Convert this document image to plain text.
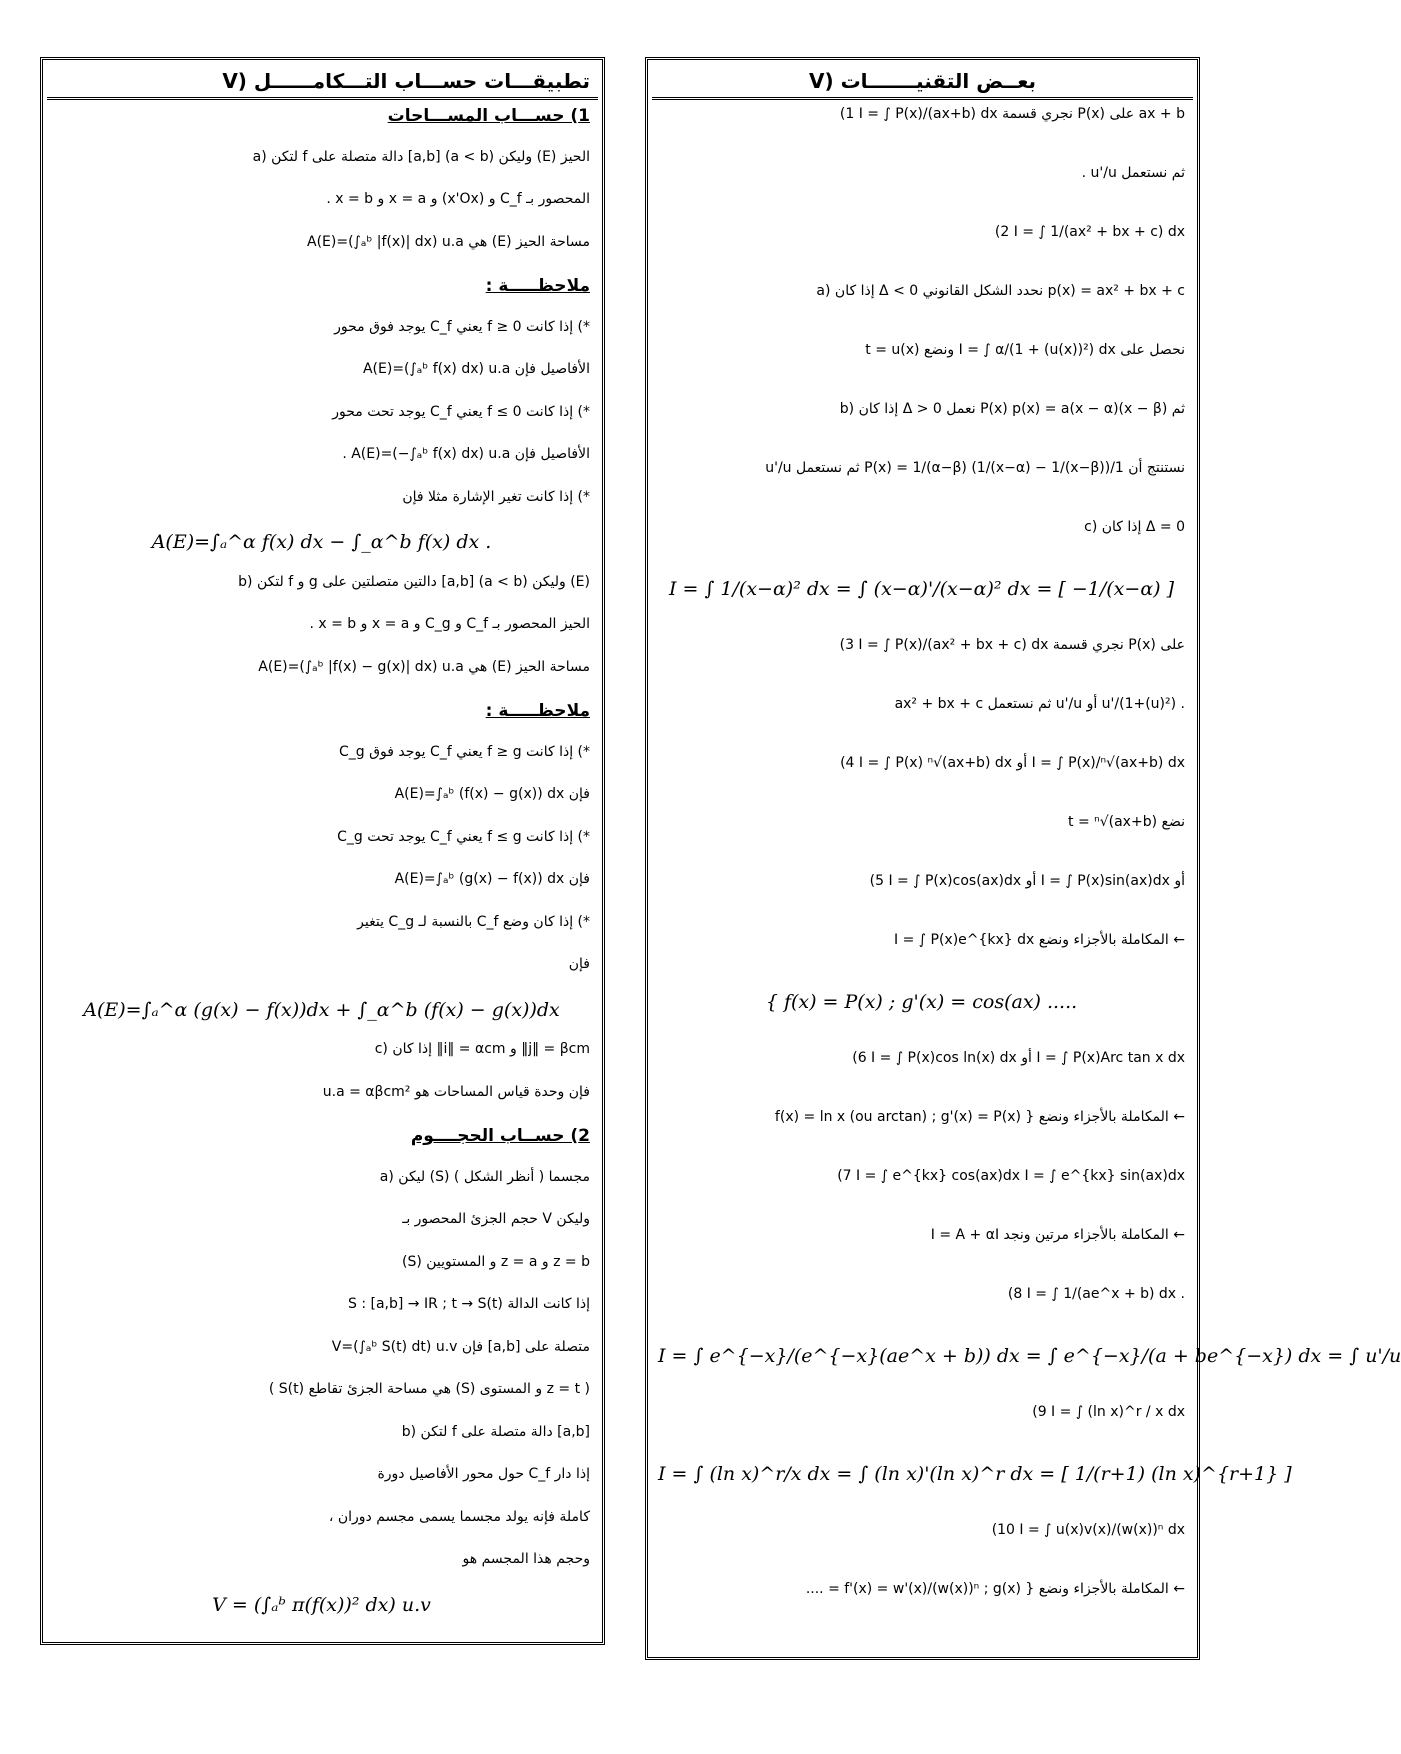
V) تطبيقـــات حســـاب التـــكامــــــل
1) حســـاب المســـاحات
a) لتكن f دالة متصلة على [a,b] (a < b) وليكن (E) الحيز
المحصور بـ C_f و (x'Ox) و x = a و x = b .
مساحة الحيز (E) هي A(E)=(∫ₐᵇ |f(x)| dx) u.a
ملاحظـــــة :
*) إذا كانت f ≥ 0 يعني C_f يوجد فوق محور
الأفاصيل فإن A(E)=(∫ₐᵇ f(x) dx) u.a
*) إذا كانت f ≤ 0 يعني C_f يوجد تحت محور
الأفاصيل فإن A(E)=(−∫ₐᵇ f(x) dx) u.a .
*) إذا كانت تغير الإشارة مثلا فإن
A(E)=∫ₐ^α f(x) dx − ∫_α^b f(x) dx .
b) لتكن f و g دالتين متصلتين على [a,b] (a < b) وليكن (E)
الحيز المحصور بـ C_f و C_g و x = a و x = b .
مساحة الحيز (E) هي A(E)=(∫ₐᵇ |f(x) − g(x)| dx) u.a
ملاحظـــــة :
*) إذا كانت f ≥ g يعني C_f يوجد فوق C_g
فإن A(E)=∫ₐᵇ (f(x) − g(x)) dx
*) إذا كانت f ≤ g يعني C_f يوجد تحت C_g
فإن A(E)=∫ₐᵇ (g(x) − f(x)) dx
*) إذا كان وضع C_f بالنسبة لـ C_g يتغير
فإن
A(E)=∫ₐ^α (g(x) − f(x))dx + ∫_α^b (f(x) − g(x))dx
c) إذا كان ‖i‖ = αcm و ‖j‖ = βcm
فإن وحدة قياس المساحات هو u.a = αβcm²
2) حســاب الحجــــوم
a) ليكن (S) مجسما ( أنظر الشكل )
وليكن V حجم الجزئ المحصور بـ
(S) و المستويين z = a و z = b
إذا كانت الدالة S : [a,b] → IR ; t → S(t)
متصلة على [a,b] فإن V=(∫ₐᵇ S(t) dt) u.v
( S(t) هي مساحة الجزئ تقاطع (S) و المستوى z = t )
b) لتكن f دالة متصلة على [a,b]
إذا دار C_f حول محور الأفاصيل دورة
كاملة فإنه يولد مجسما يسمى مجسم دوران ،
وحجم هذا المجسم هو
V = (∫ₐᵇ π(f(x))² dx) u.v
V) بعــض التقنيـــــــات
(1 I = ∫ P(x)/(ax+b) dx نجري قسمة P(x) على ax + b
ثم نستعمل u'/u .
(2 I = ∫ 1/(ax² + bx + c) dx
a) إذا كان Δ < 0 نحدد الشكل القانوني p(x) = ax² + bx + c
نحصل على I = ∫ α/(1 + (u(x))²) dx ونضع t = u(x)
b) إذا كان Δ > 0 نعمل P(x) p(x) = a(x − α)(x − β) ثم
نستنتج أن 1/P(x) = 1/(α−β) (1/(x−α) − 1/(x−β)) ثم نستعمل u'/u
c) إذا كان Δ = 0
I = ∫ 1/(x−α)² dx = ∫ (x−α)'/(x−α)² dx = [ −1/(x−α) ]
(3 I = ∫ P(x)/(ax² + bx + c) dx نجري قسمة P(x) على
ax² + bx + c ثم نستعمل u'/u أو u'/(1+(u)²) .
(4 I = ∫ P(x) ⁿ√(ax+b) dx أو I = ∫ P(x)/ⁿ√(ax+b) dx
نضع t = ⁿ√(ax+b)
(5 I = ∫ P(x)cos(ax)dx أو I = ∫ P(x)sin(ax)dx أو
← المكاملة بالأجزاء ونضع I = ∫ P(x)e^{kx} dx
{ f(x) = P(x) ; g'(x) = cos(ax) .....
(6 I = ∫ P(x)cos ln(x) dx أو I = ∫ P(x)Arc tan x dx
← المكاملة بالأجزاء ونضع { f(x) = ln x (ou arctan) ; g'(x) = P(x)
(7 I = ∫ e^{kx} cos(ax)dx I = ∫ e^{kx} sin(ax)dx
← المكاملة بالأجزاء مرتين ونجد I = A + αI
(8 I = ∫ 1/(ae^x + b) dx .
I = ∫ e^{−x}/(e^{−x}(ae^x + b)) dx = ∫ e^{−x}/(a + be^{−x}) dx = ∫ u'/u
(9 I = ∫ (ln x)^r / x dx
I = ∫ (ln x)^r/x dx = ∫ (ln x)'(ln x)^r dx = [ 1/(r+1) (ln x)^{r+1} ]
(10 I = ∫ u(x)v(x)/(w(x))ⁿ dx
← المكاملة بالأجزاء ونضع { f'(x) = w'(x)/(w(x))ⁿ ; g(x) = ....
